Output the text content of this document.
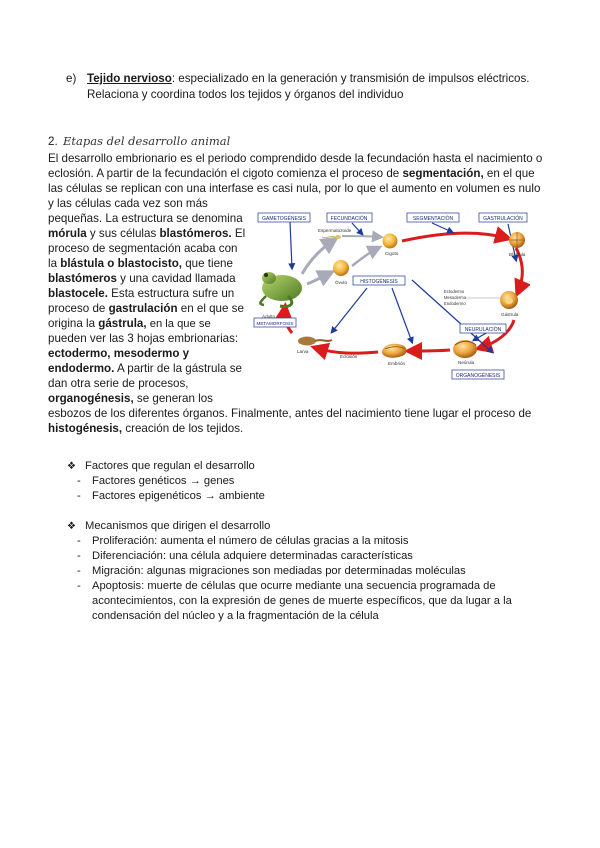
e) Tejido nervioso: especializado en la generación y transmisión de impulsos eléctricos.
Relaciona y coordina todos los tejidos y órganos del individuo
2. Etapas del desarrollo animal
El desarrollo embrionario es el periodo comprendido desde la fecundación hasta el nacimiento o
eclosión. A partir de la fecundación el cigoto comienza el proceso de segmentación, en el que
las células se replican con una interfase es casi nula, por lo que el aumento en volumen es nulo
y las células cada vez son más
pequeñas. La estructura se denomina
mórula y sus células blastómeros. El
proceso de segmentación acaba con
la blástula o blastocisto, que tiene
blastómeros y una cavidad llamada
blastocele. Esta estructura sufre un
proceso de gastrulación en el que se
origina la gástrula, en la que se
pueden ver las 3 hojas embrionarias:
ectodermo, mesodermo y
endodermo. A partir de la gástrula se
dan otra serie de procesos,
organogénesis, se generan los
esbozos de los diferentes órganos. Finalmente, antes del nacimiento tiene lugar el proceso de
histogénesis, creación de los tejidos.
GAMETOGÉNESIS	FECUNDACIÓN	SEGMENTACIÓN	GASTRULACIÓN
HISTOGÉNESIS
METAMORFOSIS
NEURULACIÓN
ORGANOGÉNESIS
Espermatozoide
Óvulo
Cigoto	Blástula
Ectodermo
Mesodermo
Endodermo
Gástrula
Neúrula
Embrión
Eclosión
Larva
Adulto
❖ Factores que regulan el desarrollo
- Factores genéticos → genes
- Factores epigenéticos → ambiente
❖ Mecanismos que dirigen el desarrollo
- Proliferación: aumenta el número de células gracias a la mitosis
- Diferenciación: una célula adquiere determinadas características
- Migración: algunas migraciones son mediadas por determinadas moléculas
- Apoptosis: muerte de células que ocurre mediante una secuencia programada de
acontecimientos, con la expresión de genes de muerte específicos, que da lugar a la
condensación del núcleo y a la fragmentación de la célula
